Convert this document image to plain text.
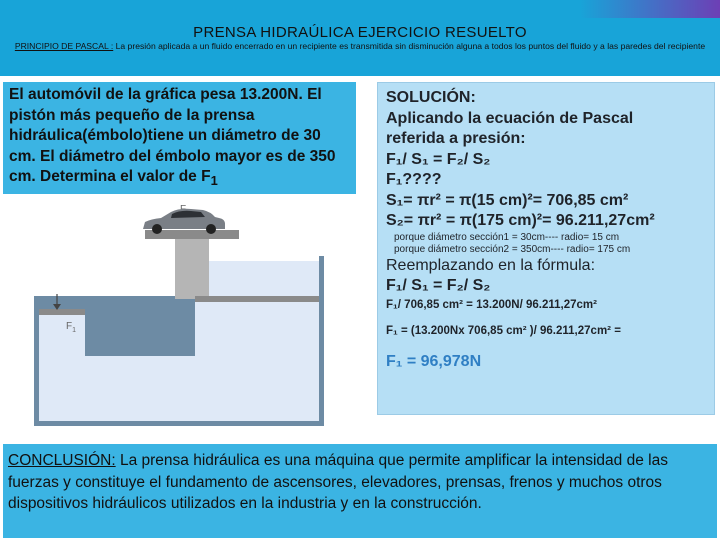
PRENSA HIDRAÚLICA EJERCICIO RESUELTO
PRINCIPIO DE PASCAL : La presión aplicada a un fluido encerrado en un recipiente es transmitida sin disminución alguna a todos los puntos del fluido y a las paredes del recipiente
El automóvil de la gráfica pesa 13.200N. El pistón más pequeño de la prensa hidráulica(émbolo)tiene un diámetro de 30 cm. El diámetro del émbolo mayor es de 350 cm. Determina el valor de $F_1$
$F_1$
SOLUCIÓN:
Aplicando la ecuación de Pascal
referida a presión:
F₁/ S₁ = F₂/ S₂
F₁????
S₁= πr² = π(15 cm)²= 706,85 cm²
S₂= πr² = π(175 cm)²= 96.211,27cm²
porque diámetro sección1 = 30cm---- radio= 15 cm
porque diámetro sección2 = 350cm---- radio= 175 cm
Reemplazando en la fórmula:
F₁/ S₁ = F₂/ S₂
F₁/ 706,85 cm² = 13.200N/ 96.211,27cm²
F₁ = (13.200Nx 706,85 cm² )/ 96.211,27cm² =
F₁ = 96,978N
CONCLUSIÓN: La prensa hidráulica es una máquina que permite amplificar la intensidad de las fuerzas y constituye el fundamento de ascensores, elevadores, prensas, frenos y muchos otros dispositivos hidráulicos utilizados en la industria y en la construcción.
